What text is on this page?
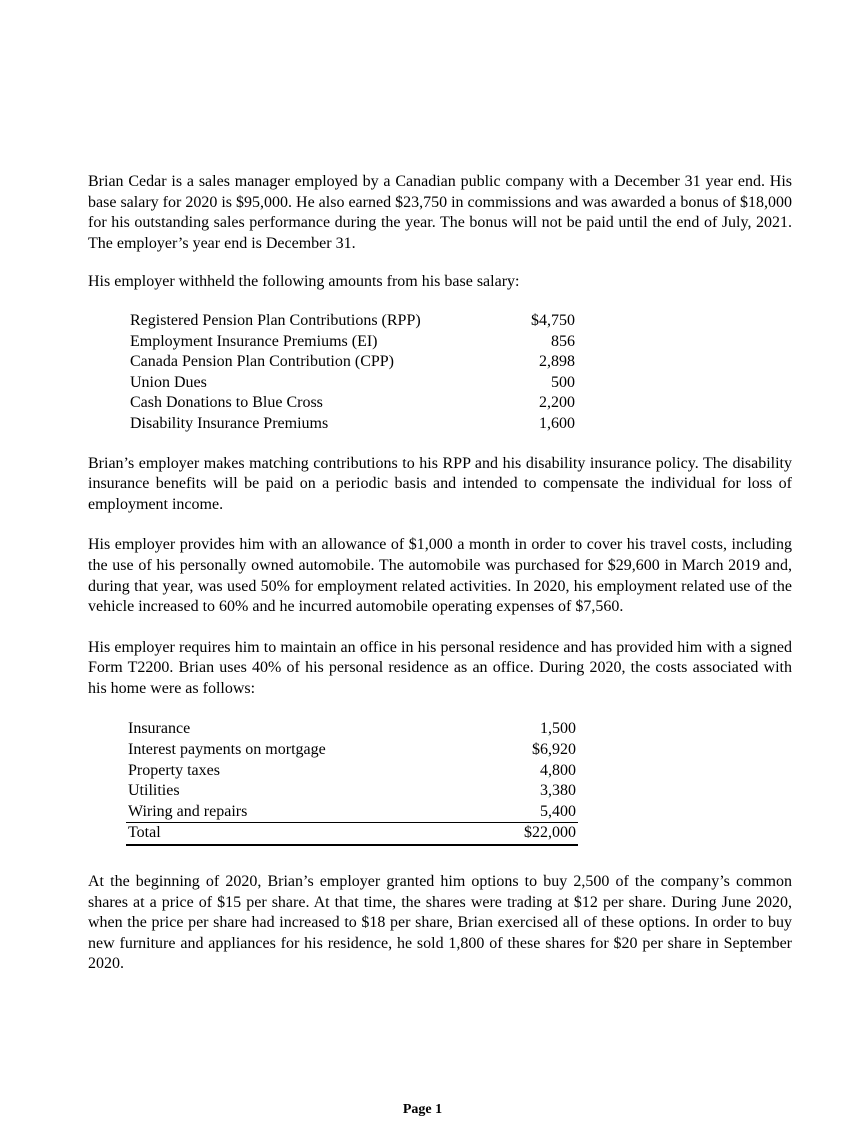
Brian Cedar is a sales manager employed by a Canadian public company with a December 31 year end. His base salary for 2020 is $95,000. He also earned $23,750 in commissions and was awarded a bonus of $18,000 for his outstanding sales performance during the year. The bonus will not be paid until the end of July, 2021. The employer’s year end is December 31.

His employer withheld the following amounts from his base salary:

Registered Pension Plan Contributions (RPP)	$4,750
Employment Insurance Premiums (EI)	856
Canada Pension Plan Contribution (CPP)	2,898
Union Dues	500
Cash Donations to Blue Cross	2,200
Disability Insurance Premiums	1,600

Brian’s employer makes matching contributions to his RPP and his disability insurance policy. The disability insurance benefits will be paid on a periodic basis and intended to compensate the individual for loss of employment income.

His employer provides him with an allowance of $1,000 a month in order to cover his travel costs, including the use of his personally owned automobile. The automobile was purchased for $29,600 in March 2019 and, during that year, was used 50% for employment related activities. In 2020, his employment related use of the vehicle increased to 60% and he incurred automobile operating expenses of $7,560.

His employer requires him to maintain an office in his personal residence and has provided him with a signed Form T2200. Brian uses 40% of his personal residence as an office. During 2020, the costs associated with his home were as follows:

Insurance	1,500
Interest payments on mortgage	$6,920
Property taxes	4,800
Utilities	3,380
Wiring and repairs	5,400
Total	$22,000

At the beginning of 2020, Brian’s employer granted him options to buy 2,500 of the company’s common shares at a price of $15 per share. At that time, the shares were trading at $12 per share. During June 2020, when the price per share had increased to $18 per share, Brian exercised all of these options. In order to buy new furniture and appliances for his residence, he sold 1,800 of these shares for $20 per share in September 2020.

Page 1
